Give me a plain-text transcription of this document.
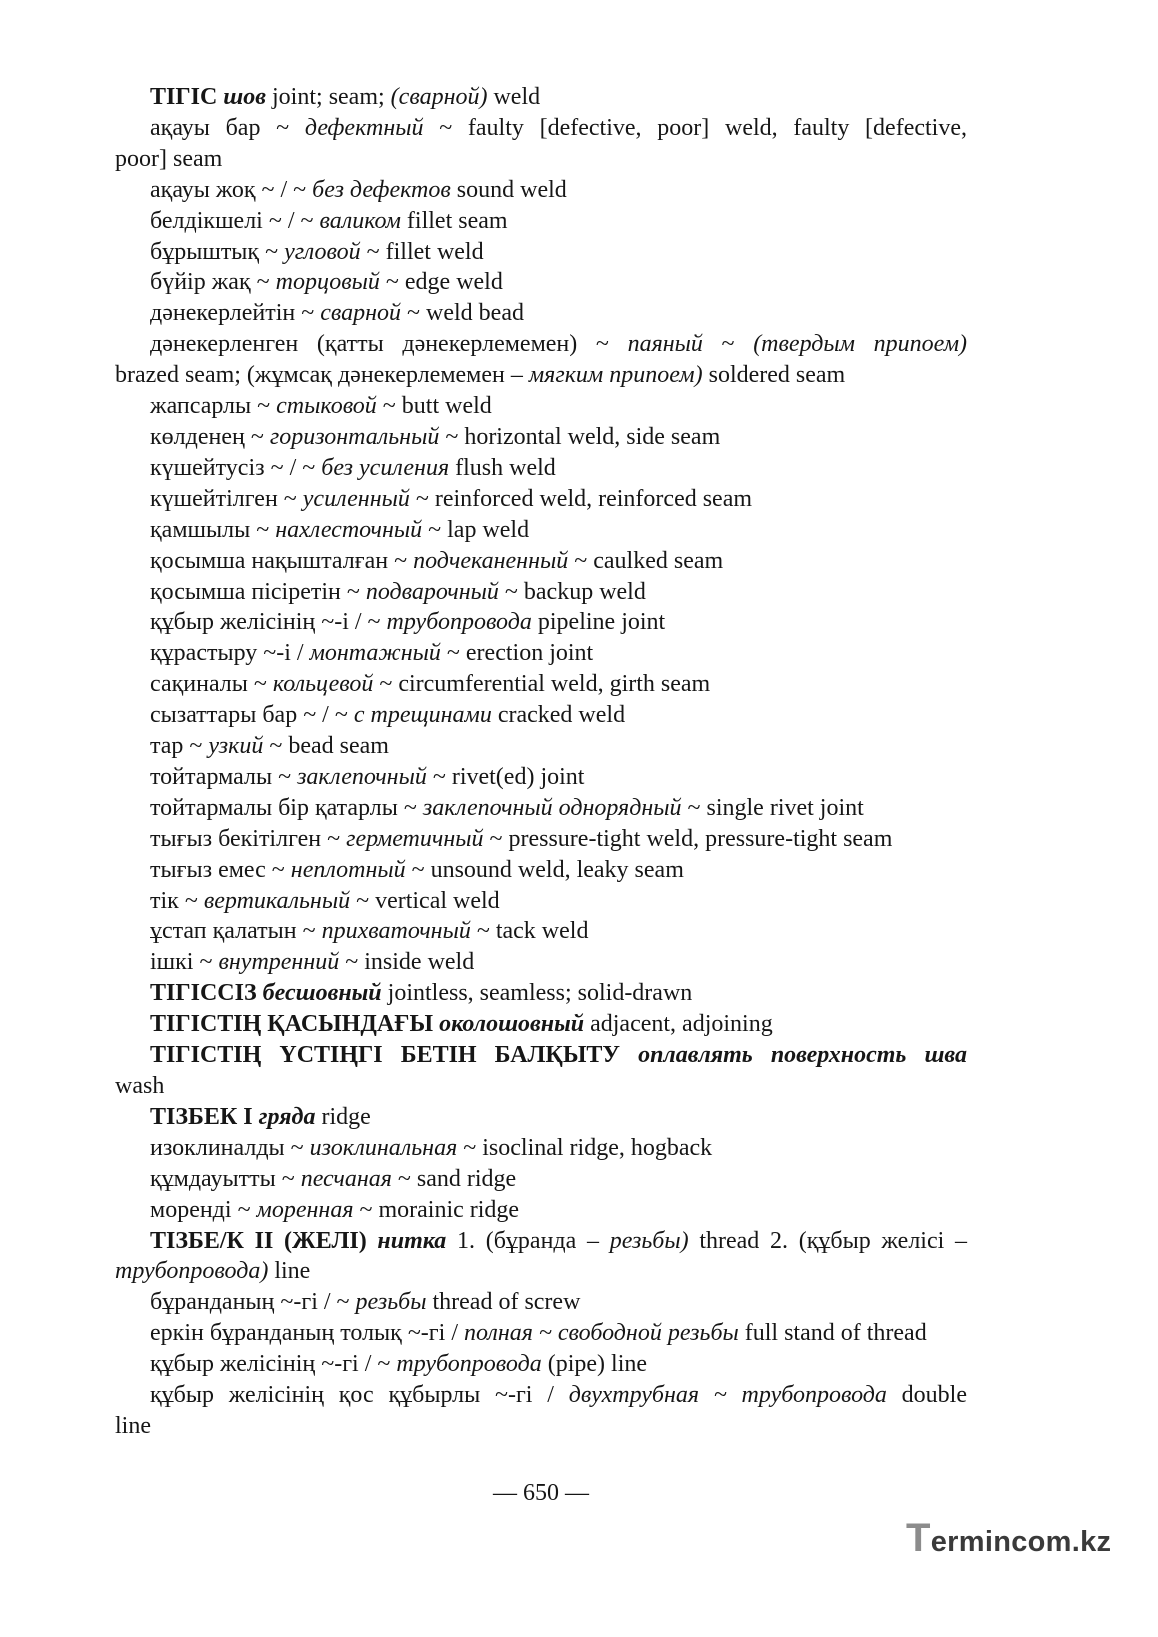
ТІГІС шов joint; seam; (сварной) weld
ақауы бар ~ дефектный ~ faulty [defective, poor] weld, faulty [defective,
poor] seam
ақауы жоқ ~ / ~ без дефектов sound weld
белдікшелі ~ / ~ валиком fillet seam
бұрыштық ~ угловой ~ fillet weld
бүйір жақ ~ торцовый ~ edge weld
дәнекерлейтін ~ сварной ~ weld bead
дәнекерленген (қатты дәнекерлемемен) ~ паяный ~ (твердым припоем)
brazed seam; (жұмсақ дәнекерлемемен – мягким припоем) soldered seam
жапсарлы ~ стыковой ~ butt weld
көлденең ~ горизонтальный ~ horizontal weld, side seam
күшейтусіз ~ / ~ без усиления flush weld
күшейтілген ~ усиленный ~ reinforced weld, reinforced seam
қамшылы ~ нахлесточный ~ lap weld
қосымша нақышталған ~ подчеканенный ~ caulked seam
қосымша пісіретін ~ подварочный ~ backup weld
құбыр желісінің ~-і / ~ трубопровода pipeline joint
құрастыру ~-і / монтажный ~ erection joint
сақиналы ~ кольцевой ~ circumferential weld, girth seam
сызаттары бар ~ / ~ с трещинами cracked weld
тар ~ узкий ~ bead seam
тойтармалы ~ заклепочный ~ rivet(ed) joint
тойтармалы бір қатарлы ~ заклепочный однорядный ~ single rivet joint
тығыз бекітілген ~ герметичный ~ pressure-tight weld, pressure-tight seam
тығыз емес ~ неплотный ~ unsound weld, leaky seam
тік ~ вертикальный ~ vertical weld
ұстап қалатын ~ прихваточный ~ tack weld
ішкі ~ внутренний ~ inside weld
ТІГІССІЗ бесшовный jointless, seamless; solid-drawn
ТІГІСТІҢ ҚАСЫНДАҒЫ околошовный adjacent, adjoining
ТІГІСТІҢ ҮСТІҢГІ БЕТІН БАЛҚЫТУ оплавлять поверхность шва
wash
ТІЗБЕК І гряда ridge
изоклиналды ~ изоклинальная ~ isoclinal ridge, hogback
құмдауытты ~ песчаная ~ sand ridge
моренді ~ моренная ~ morainic ridge
ТІЗБЕ/К ІІ (ЖЕЛІ) нитка 1. (бұранда – резьбы) thread 2. (құбыр желісі –
трубопровода) line
бұранданың ~-гі / ~ резьбы thread of screw
еркін бұранданың толық ~-гі / полная ~ свободной резьбы full stand of thread
құбыр желісінің ~-гі / ~ трубопровода (pipe) line
құбыр желісінің қос құбырлы ~-гі / двухтрубная ~ трубопровода double
line
— 650 —
Termincom.kz
